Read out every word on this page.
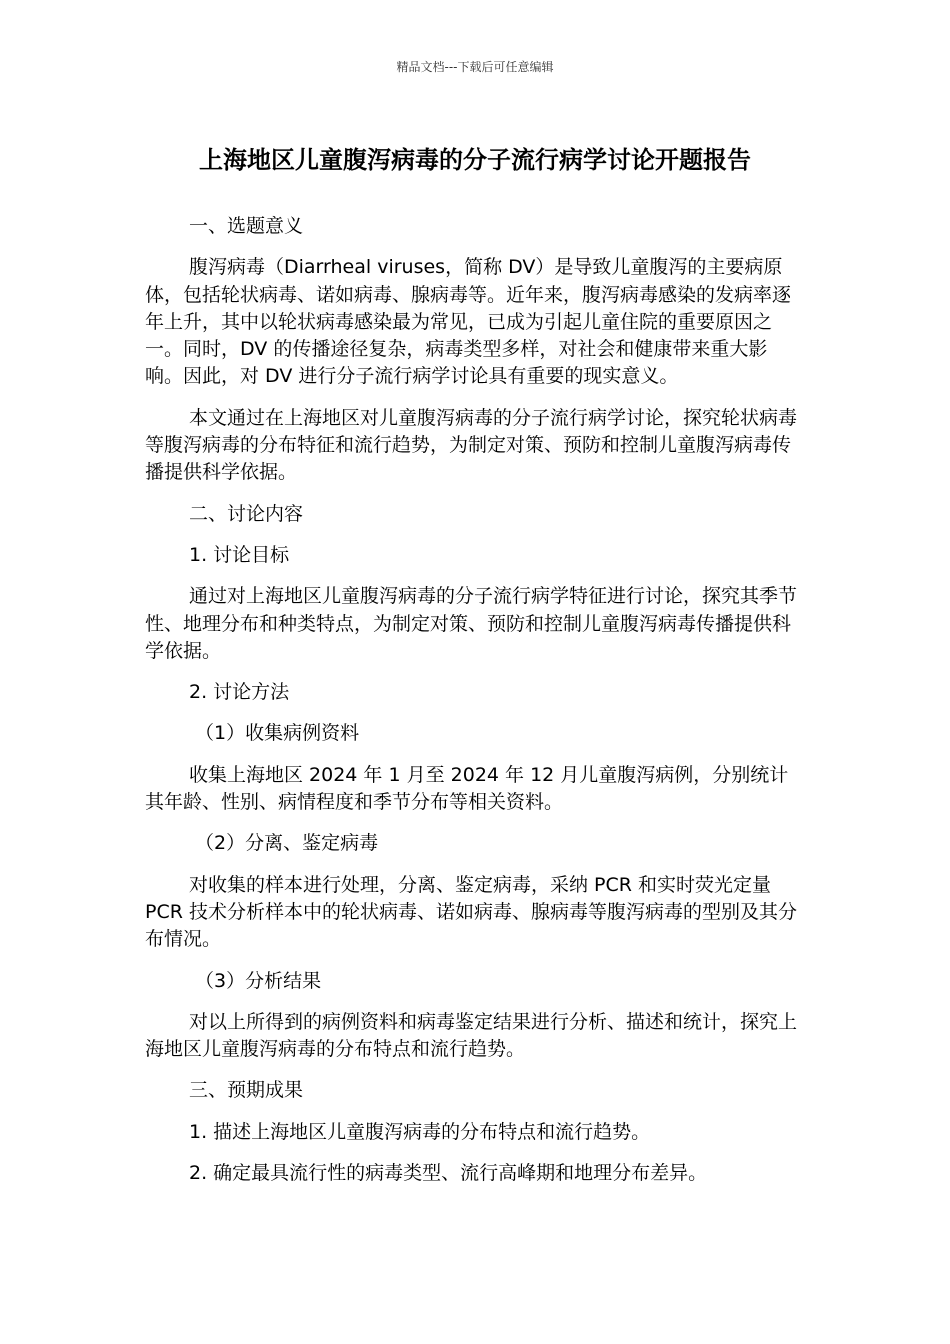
精品文档---下载后可任意编辑
上海地区儿童腹泻病毒的分子流行病学讨论开题报告

一、选题意义

腹泻病毒（Diarrheal viruses，简称 DV）是导致儿童腹泻的主要病原体，包括轮状病毒、诺如病毒、腺病毒等。近年来，腹泻病毒感染的发病率逐年上升，其中以轮状病毒感染最为常见，已成为引起儿童住院的重要原因之一。同时，DV 的传播途径复杂，病毒类型多样，对社会和健康带来重大影响。因此，对 DV 进行分子流行病学讨论具有重要的现实意义。

本文通过在上海地区对儿童腹泻病毒的分子流行病学讨论，探究轮状病毒等腹泻病毒的分布特征和流行趋势，为制定对策、预防和控制儿童腹泻病毒传播提供科学依据。

二、讨论内容

1. 讨论目标

通过对上海地区儿童腹泻病毒的分子流行病学特征进行讨论，探究其季节性、地理分布和种类特点，为制定对策、预防和控制儿童腹泻病毒传播提供科学依据。

2. 讨论方法

（1）收集病例资料

收集上海地区 2024 年 1 月至 2024 年 12 月儿童腹泻病例，分别统计其年龄、性别、病情程度和季节分布等相关资料。

（2）分离、鉴定病毒

对收集的样本进行处理，分离、鉴定病毒，采纳 PCR 和实时荧光定量 PCR 技术分析样本中的轮状病毒、诺如病毒、腺病毒等腹泻病毒的型别及其分布情况。

（3）分析结果

对以上所得到的病例资料和病毒鉴定结果进行分析、描述和统计，探究上海地区儿童腹泻病毒的分布特点和流行趋势。

三、预期成果

1. 描述上海地区儿童腹泻病毒的分布特点和流行趋势。

2. 确定最具流行性的病毒类型、流行高峰期和地理分布差异。
